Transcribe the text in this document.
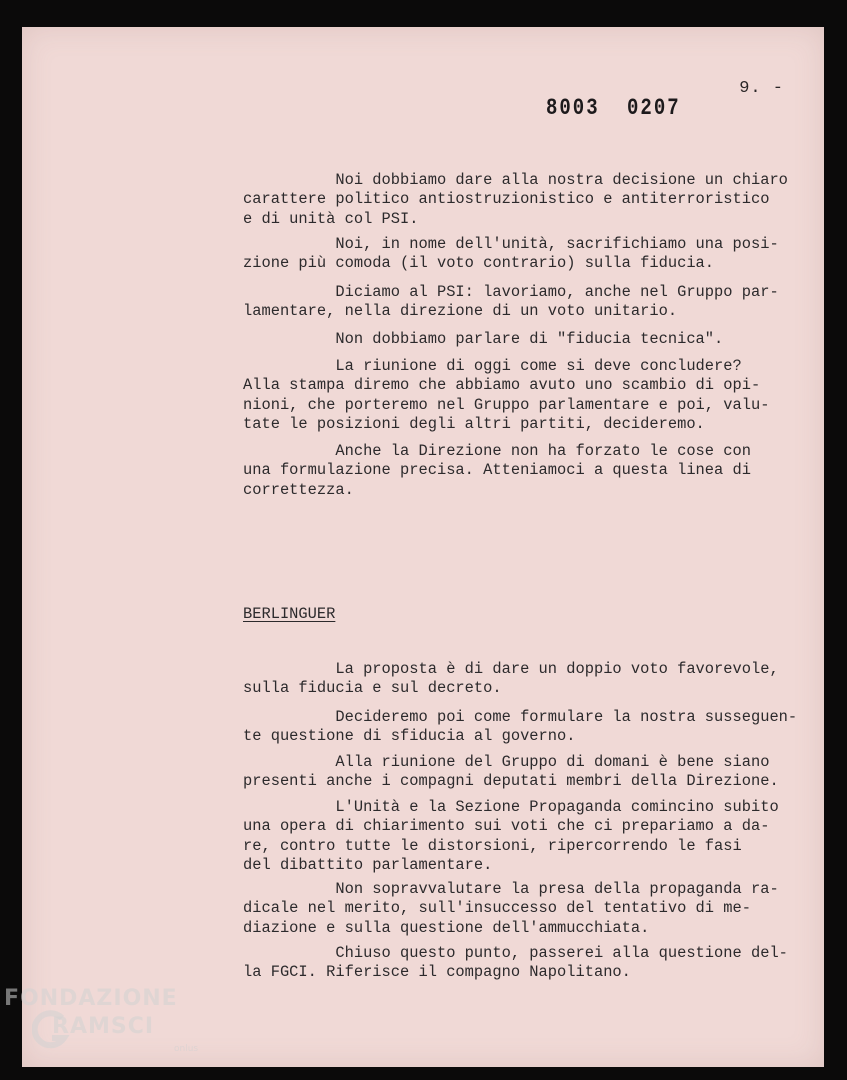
9. -
8003 0207
Noi dobbiamo dare alla nostra decisione un chiaro
carattere politico antiostruzionistico e antiterroristico
e di unità col PSI.
Noi, in nome dell'unità, sacrifichiamo una posi-
zione più comoda (il voto contrario) sulla fiducia.
Diciamo al PSI: lavoriamo, anche nel Gruppo par-
lamentare, nella direzione di un voto unitario.
Non dobbiamo parlare di "fiducia tecnica".
La riunione di oggi come si deve concludere?
Alla stampa diremo che abbiamo avuto uno scambio di opi-
nioni, che porteremo nel Gruppo parlamentare e poi, valu-
tate le posizioni degli altri partiti, decideremo.
Anche la Direzione non ha forzato le cose con
una formulazione precisa. Atteniamoci a questa linea di
correttezza.
BERLINGUER
La proposta è di dare un doppio voto favorevole,
sulla fiducia e sul decreto.
Decideremo poi come formulare la nostra susseguen-
te questione di sfiducia al governo.
Alla riunione del Gruppo di domani è bene siano
presenti anche i compagni deputati membri della Direzione.
L'Unità e la Sezione Propaganda comincino subito
una opera di chiarimento sui voti che ci prepariamo a da-
re, contro tutte le distorsioni, ripercorrendo le fasi
del dibattito parlamentare.
Non sopravvalutare la presa della propaganda ra-
dicale nel merito, sull'insuccesso del tentativo di me-
diazione e sulla questione dell'ammucchiata.
Chiuso questo punto, passerei alla questione del-
la FGCI. Riferisce il compagno Napolitano.
FONDAZIONE
RAMSCI
onlus
